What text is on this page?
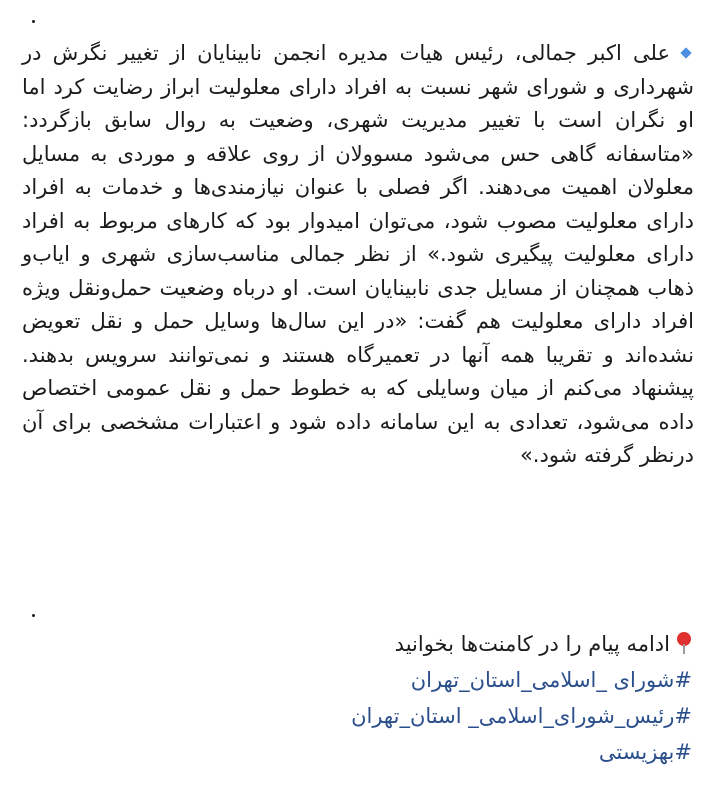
علی اکبر جمالی، رئیس هیات مدیره انجمن نابینایان از تغییر نگرش در شهرداری و شورای شهر نسبت به افراد دارای معلولیت ابراز رضایت کرد اما او نگران است با تغییر مدیریت شهری، وضعیت به روال سابق بازگردد: «متاسفانه گاهی حس می‌شود مسوولان از روی علاقه و موردی به مسایل معلولان اهمیت می‌دهند. اگر فصلی با عنوان نیازمندی‌ها و خدمات به افراد دارای معلولیت مصوب شود، می‌توان امیدوار بود که کارهای مربوط به افراد دارای معلولیت پیگیری شود.» از نظر جمالی مناسب‌سازی شهری و ایاب‌و ذهاب همچنان از مسایل جدی نابینایان است. او درباه وضعیت حمل‌ونقل ویژه افراد دارای معلولیت هم گفت: «در این سال‌ها وسایل حمل و نقل تعویض نشده‌اند و تقریبا همه آنها در تعمیرگاه هستند و نمی‌توانند سرویس بدهند. پیشنهاد می‌کنم از میان وسایلی که به خطوط حمل و نقل عمومی اختصاص داده می‌شود، تعدادی به این سامانه داده شود و اعتبارات مشخصی برای آن درنظر گرفته شود.»

ادامه پیام را در کامنت‌ها بخوانید
#شورای _اسلامی_استان_تهران
#رئیس_شورای_اسلامی_ استان_تهران
#بهزیستی
